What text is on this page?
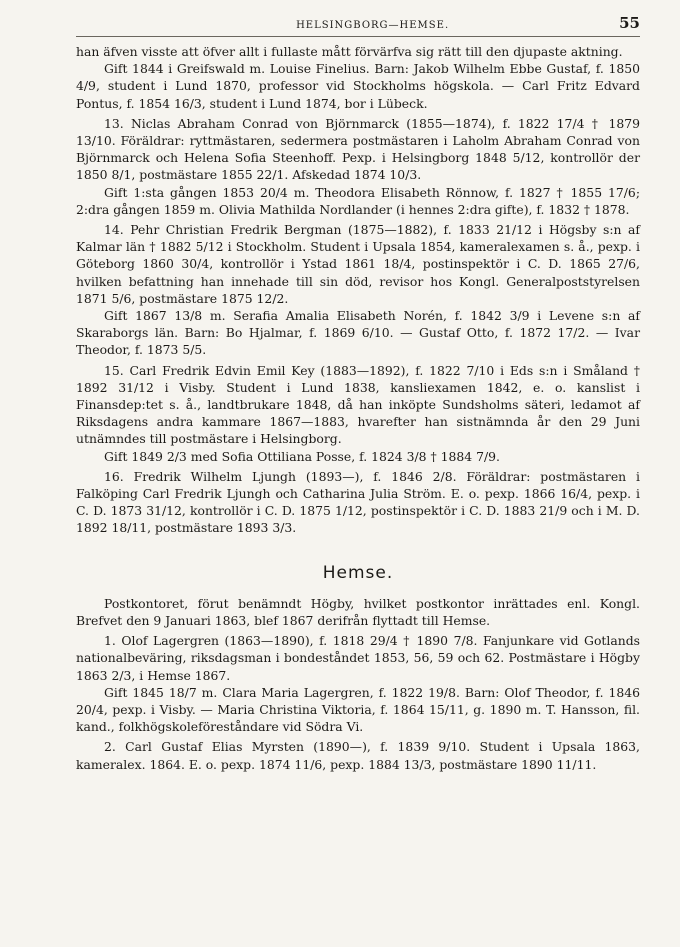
HELSINGBORG—HEMSE.	55

han äfven visste att öfver allt i fullaste mått förvärfva sig rätt till den djupaste aktning.

Gift 1844 i Greifswald m. Louise Finelius. Barn: Jakob Wilhelm Ebbe Gustaf, f. 1850 4/9, student i Lund 1870, professor vid Stockholms högskola. — Carl Fritz Edvard Pontus, f. 1854 16/3, student i Lund 1874, bor i Lübeck.

13. Niclas Abraham Conrad von Björnmarck (1855—1874), f. 1822 17/4 † 1879 13/10. Föräldrar: ryttmästaren, sedermera postmästaren i Laholm Abraham Conrad von Björnmarck och Helena Sofia Steenhoff. Pexp. i Helsingborg 1848 5/12, kontrollör der 1850 8/1, postmästare 1855 22/1. Afskedad 1874 10/3.

Gift 1:sta gången 1853 20/4 m. Theodora Elisabeth Rönnow, f. 1827 † 1855 17/6; 2:dra gången 1859 m. Olivia Mathilda Nordlander (i hennes 2:dra gifte), f. 1832 † 1878.

14. Pehr Christian Fredrik Bergman (1875—1882), f. 1833 21/12 i Högsby s:n af Kalmar län † 1882 5/12 i Stockholm. Student i Upsala 1854, kameralexamen s. å., pexp. i Göteborg 1860 30/4, kontrollör i Ystad 1861 18/4, postinspektör i C. D. 1865 27/6, hvilken befattning han innehade till sin död, revisor hos Kongl. Generalpoststyrelsen 1871 5/6, postmästare 1875 12/2.

Gift 1867 13/8 m. Serafia Amalia Elisabeth Norén, f. 1842 3/9 i Levene s:n af Skaraborgs län. Barn: Bo Hjalmar, f. 1869 6/10. — Gustaf Otto, f. 1872 17/2. — Ivar Theodor, f. 1873 5/5.

15. Carl Fredrik Edvin Emil Key (1883—1892), f. 1822 7/10 i Eds s:n i Småland † 1892 31/12 i Visby. Student i Lund 1838, kansliexamen 1842, e. o. kanslist i Finansdep:tet s. å., landtbrukare 1848, då han inköpte Sundsholms säteri, ledamot af Riksdagens andra kammare 1867—1883, hvarefter han sistnämnda år den 29 Juni utnämndes till postmästare i Helsingborg.

Gift 1849 2/3 med Sofia Ottiliana Posse, f. 1824 3/8 † 1884 7/9.

16. Fredrik Wilhelm Ljungh (1893—), f. 1846 2/8. Föräldrar: postmästaren i Falköping Carl Fredrik Ljungh och Catharina Julia Ström. E. o. pexp. 1866 16/4, pexp. i C. D. 1873 31/12, kontrollör i C. D. 1875 1/12, postinspektör i C. D. 1883 21/9 och i M. D. 1892 18/11, postmästare 1893 3/3.

Hemse.

Postkontoret, förut benämndt Högby, hvilket postkontor inrättades enl. Kongl. Brefvet den 9 Januari 1863, blef 1867 derifrån flyttadt till Hemse.

1. Olof Lagergren (1863—1890), f. 1818 29/4 † 1890 7/8. Fanjunkare vid Gotlands nationalbeväring, riksdagsman i bondeståndet 1853, 56, 59 och 62. Postmästare i Högby 1863 2/3, i Hemse 1867.

Gift 1845 18/7 m. Clara Maria Lagergren, f. 1822 19/8. Barn: Olof Theodor, f. 1846 20/4, pexp. i Visby. — Maria Christina Viktoria, f. 1864 15/11, g. 1890 m. T. Hansson, fil. kand., folkhögskoleföreståndare vid Södra Vi.

2. Carl Gustaf Elias Myrsten (1890—), f. 1839 9/10. Student i Upsala 1863, kameralex. 1864. E. o. pexp. 1874 11/6, pexp. 1884 13/3, postmästare 1890 11/11.
